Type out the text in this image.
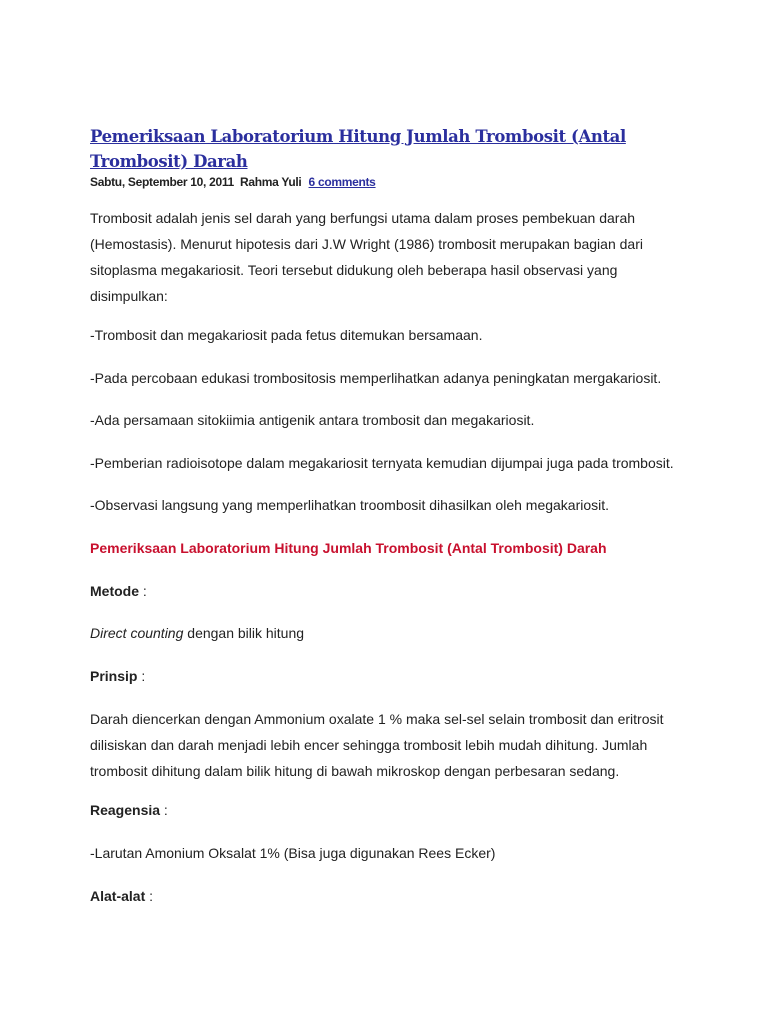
Pemeriksaan Laboratorium Hitung Jumlah Trombosit (Antal Trombosit) Darah
Sabtu, September 10, 2011 Rahma Yuli 6 comments
Trombosit adalah jenis sel darah yang berfungsi utama dalam proses pembekuan darah
(Hemostasis). Menurut hipotesis dari J.W Wright (1986) trombosit merupakan bagian dari
sitoplasma megakariosit. Teori tersebut didukung oleh beberapa hasil observasi yang
disimpulkan:
-Trombosit dan megakariosit pada fetus ditemukan bersamaan.
-Pada percobaan edukasi trombositosis memperlihatkan adanya peningkatan mergakariosit.
-Ada persamaan sitokiimia antigenik antara trombosit dan megakariosit.
-Pemberian radioisotope dalam megakariosit ternyata kemudian dijumpai juga pada trombosit.
-Observasi langsung yang memperlihatkan troombosit dihasilkan oleh megakariosit.
Pemeriksaan Laboratorium Hitung Jumlah Trombosit (Antal Trombosit) Darah
Metode :
Direct counting dengan bilik hitung
Prinsip :
Darah diencerkan dengan Ammonium oxalate 1 % maka sel-sel selain trombosit dan eritrosit
dilisiskan dan darah menjadi lebih encer sehingga trombosit lebih mudah dihitung. Jumlah
trombosit dihitung dalam bilik hitung di bawah mikroskop dengan perbesaran sedang.
Reagensia :
-Larutan Amonium Oksalat 1% (Bisa juga digunakan Rees Ecker)
Alat-alat :
